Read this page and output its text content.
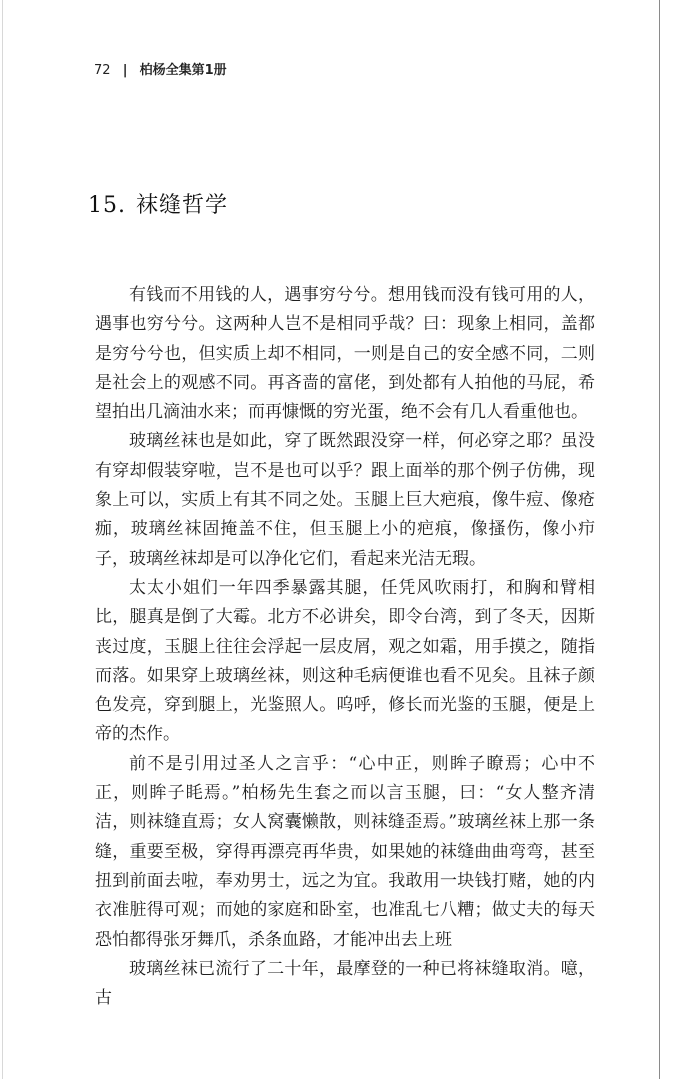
72 | 柏杨全集第1册
15. 袜缝哲学

有钱而不用钱的人，遇事穷兮兮。想用钱而没有钱可用的人，遇事也穷兮兮。这两种人岂不是相同乎哉？曰：现象上相同，盖都是穷兮兮也，但实质上却不相同，一则是自己的安全感不同，二则是社会上的观感不同。再吝啬的富佬，到处都有人拍他的马屁，希望拍出几滴油水来；而再慷慨的穷光蛋，绝不会有几人看重他也。

玻璃丝袜也是如此，穿了既然跟没穿一样，何必穿之耶？虽没有穿却假装穿啦，岂不是也可以乎？跟上面举的那个例子仿佛，现象上可以，实质上有其不同之处。玉腿上巨大疤痕，像牛痘、像疮痂，玻璃丝袜固掩盖不住，但玉腿上小的疤痕，像搔伤，像小疖子，玻璃丝袜却是可以净化它们，看起来光洁无瑕。

太太小姐们一年四季暴露其腿，任凭风吹雨打，和胸和臂相比，腿真是倒了大霉。北方不必讲矣，即令台湾，到了冬天，因斯丧过度，玉腿上往往会浮起一层皮屑，观之如霜，用手摸之，随指而落。如果穿上玻璃丝袜，则这种毛病便谁也看不见矣。且袜子颜色发亮，穿到腿上，光鉴照人。呜呼，修长而光鉴的玉腿，便是上帝的杰作。

前不是引用过圣人之言乎：“心中正，则眸子瞭焉；心中不正，则眸子眊焉。”柏杨先生套之而以言玉腿，曰：“女人整齐清洁，则袜缝直焉；女人窝囊懒散，则袜缝歪焉。”玻璃丝袜上那一条缝，重要至极，穿得再漂亮再华贵，如果她的袜缝曲曲弯弯，甚至扭到前面去啦，奉劝男士，远之为宜。我敢用一块钱打赌，她的内衣准脏得可观；而她的家庭和卧室，也准乱七八糟；做丈夫的每天恐怕都得张牙舞爪，杀条血路，才能冲出去上班

玻璃丝袜已流行了二十年，最摩登的一种已将袜缝取消。噫，古
